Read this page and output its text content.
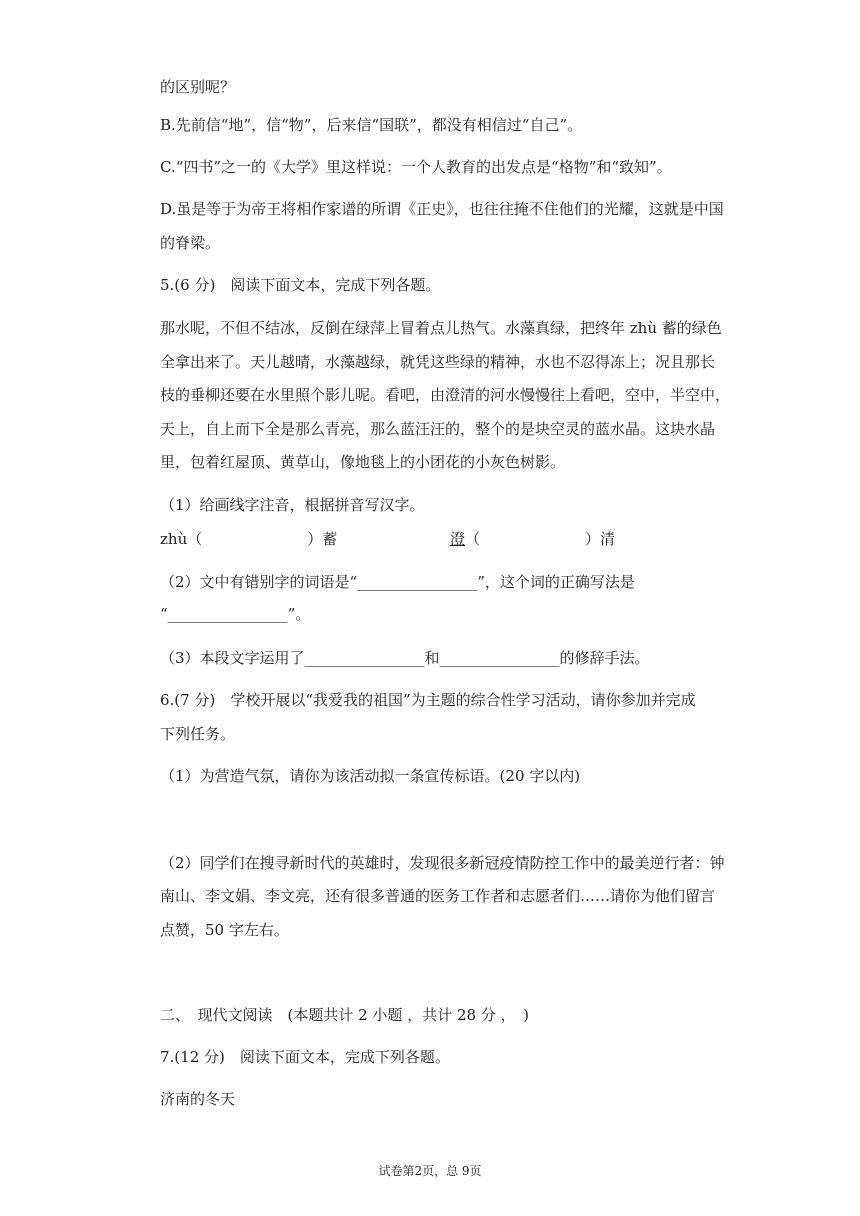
的区别呢？
B.先前信“地”，信“物”，后来信“国联”，都没有相信过“自己”。
C.“四书”之一的《大学》里这样说：一个人教育的出发点是“格物”和“致知”。
D.虽是等于为帝王将相作家谱的所谓《正史》，也往往掩不住他们的光耀，这就是中国
的脊梁。
5.(6 分)　阅读下面文本，完成下列各题。
那水呢，不但不结冰，反倒在绿萍上冒着点儿热气。水藻真绿，把终年 zhù 蓄的绿色
全拿出来了。天儿越晴，水藻越绿，就凭这些绿的精神，水也不忍得冻上；况且那长
枝的垂柳还要在水里照个影儿呢。看吧，由澄清的河水慢慢往上看吧，空中，半空中，
天上，自上而下全是那么青亮，那么蓝汪汪的，整个的是块空灵的蓝水晶。这块水晶
里，包着红屋顶、黄草山，像地毯上的小团花的小灰色树影。
（1）给画线字注音，根据拼音写汉字。
zhù（　　　　　　　）蓄	澄 （　　　　　　　）清
（2）文中有错别字的词语是“________________”，这个词的正确写法是
“________________”。
（3）本段文字运用了________________和________________的修辞手法。
6.(7 分)　学校开展以“我爱我的祖国”为主题的综合性学习活动，请你参加并完成
下列任务。
（1）为营造气氛，请你为该活动拟一条宣传标语。(20 字以内)
（2）同学们在搜寻新时代的英雄时，发现很多新冠疫情防控工作中的最美逆行者：钟
南山、李文娟、李文亮，还有很多普通的医务工作者和志愿者们……请你为他们留言
点赞，50 字左右。
二、　现代文阅读　(本题共计 2 小题 ，共计 28 分 ，　)
7.(12 分)　阅读下面文本，完成下列各题。
济南的冬天
试卷第2页，总 9页
